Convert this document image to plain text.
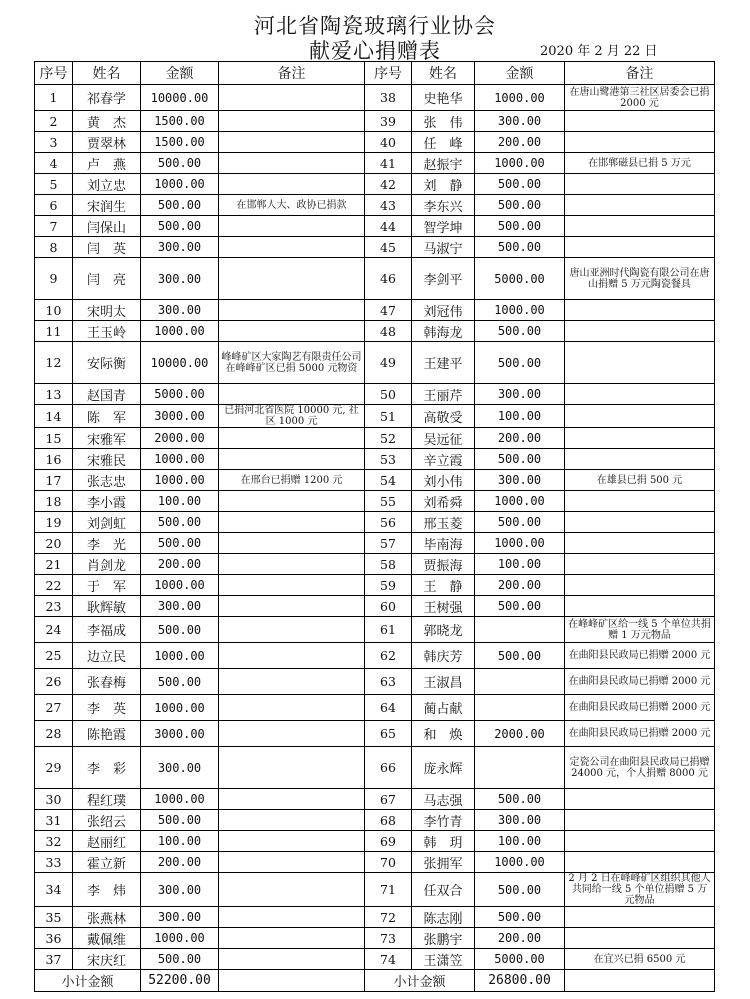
河北省陶瓷玻璃行业协会
献爱心捐赠表	2020 年 2 月 22 日
序号	姓名	金额	备注	序号	姓名	金额	备注
1	祁春学	10000.00		38	史艳华	1000.00	在唐山鹭港第三社区居委会已捐 2000 元
2	黄　杰	1500.00		39	张　伟	300.00	
3	贾翠林	1500.00		40	任　峰	200.00	
4	卢　燕	500.00		41	赵振宇	1000.00	在邯郸磁县已捐 5 万元
5	刘立忠	1000.00		42	刘　静	500.00	
6	宋润生	500.00	在邯郸人大、政协已捐款	43	李东兴	500.00	
7	闫保山	500.00		44	智学坤	500.00	
8	闫　英	300.00		45	马淑宁	500.00	
9	闫　亮	300.00		46	李剑平	5000.00	唐山亚洲时代陶瓷有限公司在唐山捐赠 5 万元陶瓷餐具
10	宋明太	300.00		47	刘冠伟	1000.00	
11	王玉岭	1000.00		48	韩海龙	500.00	
12	安际衡	10000.00	峰峰矿区大家陶艺有限责任公司在峰峰矿区已捐 5000 元物资	49	王建平	500.00	
13	赵国青	5000.00		50	王丽芹	300.00	
14	陈　军	3000.00	已捐河北省医院 10000 元, 社区 1000 元	51	高敬受	100.00	
15	宋雅军	2000.00		52	吴远征	200.00	
16	宋雅民	1000.00		53	辛立霞	500.00	
17	张志忠	1000.00	在邢台已捐赠 1200 元	54	刘小伟	300.00	在雄县已捐 500 元
18	李小霞	100.00		55	刘希舜	1000.00	
19	刘剑虹	500.00		56	邢玉菱	500.00	
20	李　光	500.00		57	毕南海	1000.00	
21	肖剑龙	200.00		58	贾振海	100.00	
22	于　军	1000.00		59	王　静	200.00	
23	耿辉敏	300.00		60	王树强	500.00	
24	李福成	500.00		61	郭晓龙		在峰峰矿区给一线 5 个单位共捐赠 1 万元物品
25	边立民	1000.00		62	韩庆芳	500.00	在曲阳县民政局已捐赠 2000 元
26	张春梅	500.00		63	王淑昌		在曲阳县民政局已捐赠 2000 元
27	李　英	1000.00		64	蔺占献		在曲阳县民政局已捐赠 2000 元
28	陈艳霞	3000.00		65	和　焕	2000.00	在曲阳县民政局已捐赠 2000 元
29	李　彩	300.00		66	庞永辉		定瓷公司在曲阳县民政局已捐赠 24000 元，个人捐赠 8000 元
30	程红璞	1000.00		67	马志强	500.00	
31	张绍云	500.00		68	李竹青	300.00	
32	赵丽红	100.00		69	韩　玥	100.00	
33	霍立新	200.00		70	张拥军	1000.00	
34	李　炜	300.00		71	任双合	500.00	2 月 2 日在峰峰矿区组织其他人共同给一线 5 个单位捐赠 5 万元物品
35	张燕林	300.00		72	陈志刚	500.00	
36	戴佩维	1000.00		73	张鹏宇	200.00	
37	宋庆红	500.00		74	王潇笠	5000.00	在宜兴已捐 6500 元
小计金额		52200.00		小计金额		26800.00	
